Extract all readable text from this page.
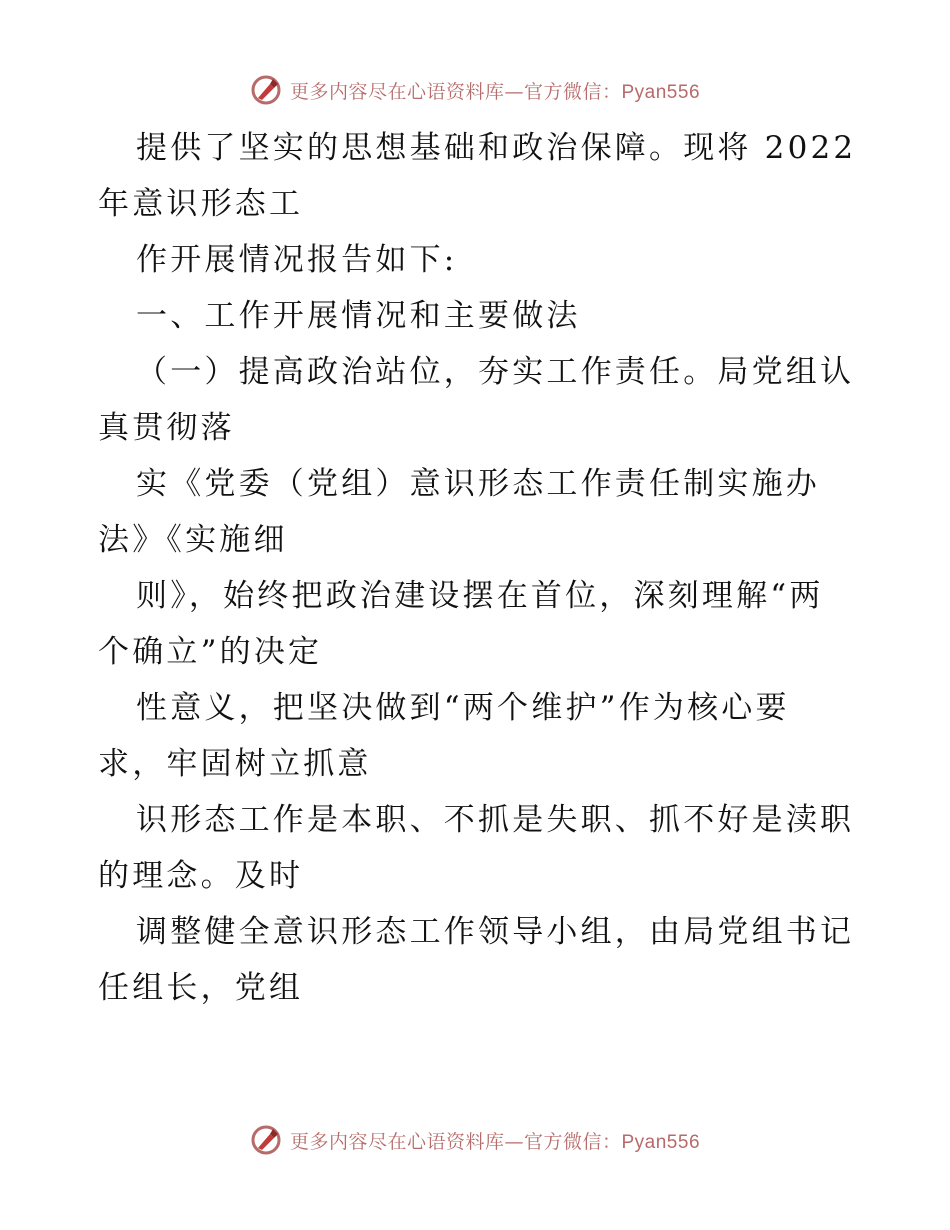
更多内容尽在心语资料库—官方微信：Pyan556
提供了坚实的思想基础和政治保障。现将 2022
年意识形态工
作开展情况报告如下:
一、工作开展情况和主要做法
（一）提高政治站位，夯实工作责任。局党组认
真贯彻落
实《党委（党组）意识形态工作责任制实施办
法》《实施细
则》，始终把政治建设摆在首位，深刻理解“两
个确立”的决定
性意义，把坚决做到“两个维护”作为核心要
求，牢固树立抓意
识形态工作是本职、不抓是失职、抓不好是渎职
的理念。及时
调整健全意识形态工作领导小组，由局党组书记
任组长，党组
更多内容尽在心语资料库—官方微信：Pyan556
